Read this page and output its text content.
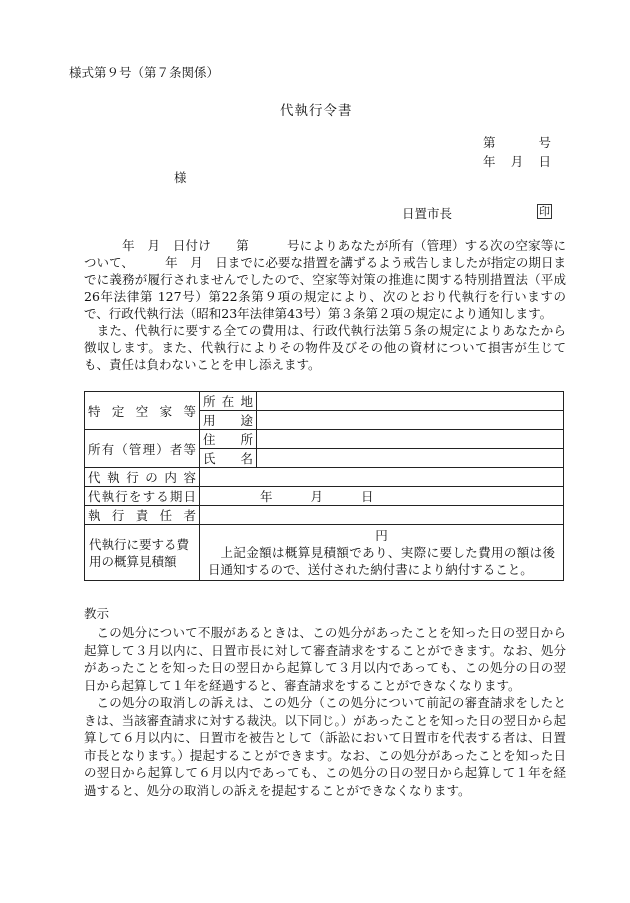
様式第９号（第７条関係）
代執行令書
第	号
年 月 日
様
日置市長	印

　　　年　月　日付け　　第　　　号によりあなたが所有（管理）する次の空家等について、　　　年　月　日までに必要な措置を講ずるよう戒告しましたが指定の期日までに義務が履行されませんでしたので、空家等対策の推進に関する特別措置法（平成26年法律第 127号）第22条第９項の規定により、次のとおり代執行を行いますので、行政代執行法（昭和23年法律第43号）第３条第２項の規定により通知します。

　また、代執行に要する全ての費用は、行政代執行法第５条の規定によりあなたから徴収します。また、代執行によりその物件及びその他の資材について損害が生じても、責任は負わないことを申し添えます。

特定空家等	所在地	
	用途	
所有（管理）者等	住所	
	氏名	
代執行の内容		
代執行をする期日	年 月 日	
執行責任者		
代執行に要する費用の概算見積額	円
上記金額は概算見積額であり、実際に要した費用の額は後日通知するので、送付された納付書により納付すること。	
教示

この処分について不服があるときは、この処分があったことを知った日の翌日から起算して３月以内に、日置市長に対して審査請求をすることができます。なお、処分があったことを知った日の翌日から起算して３月以内であっても、この処分の日の翌日から起算して１年を経過すると、審査請求をすることができなくなります。

この処分の取消しの訴えは、この処分（この処分について前記の審査請求をしたときは、当該審査請求に対する裁決。以下同じ。）があったことを知った日の翌日から起算して６月以内に、日置市を被告として（訴訟において日置市を代表する者は、日置市長となります。）提起することができます。なお、この処分があったことを知った日の翌日から起算して６月以内であっても、この処分の日の翌日から起算して１年を経過すると、処分の取消しの訴えを提起することができなくなります。
